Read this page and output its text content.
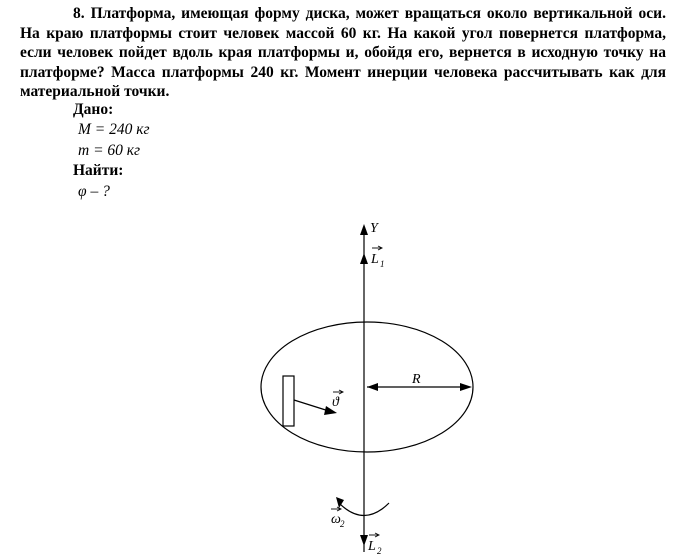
8. Платформа, имеющая форму диска, может вращаться около вертикальной оси. На краю платформы стоит человек массой 60 кг. На какой угол повернется платформа, если человек пойдет вдоль края платформы и, обойдя его, вернется в исходную точку на платформе? Масса платформы 240 кг. Момент инерции человека рассчитывать как для материальной точки.
Дано:
M = 240 кг
m = 60 кг
Найти:
φ – ?
Y
L 1
R
ϑ
ω 2
L 2
